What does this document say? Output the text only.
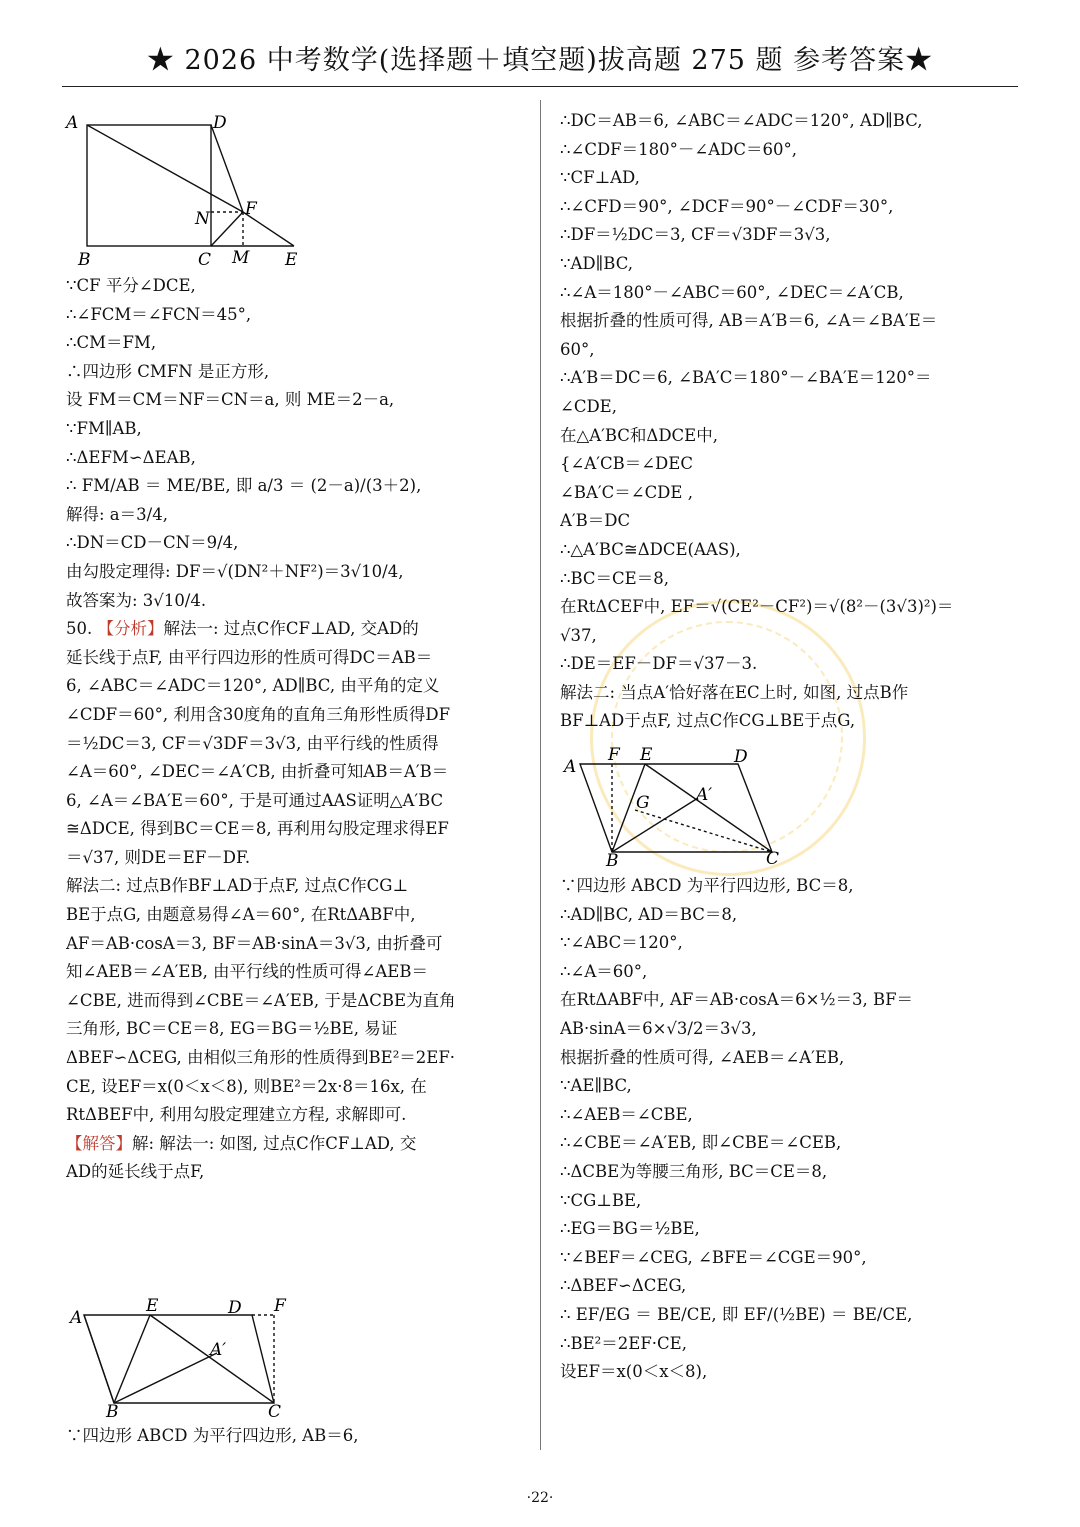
★ 2026 中考数学(选择题＋填空题)拔高题 275 题 参考答案★
A	D
F
N
B	C M E
∵CF 平分∠DCE,
∴∠FCM＝∠FCN＝45°,
∴CM＝FM,
∴四边形 CMFN 是正方形,
设 FM＝CM＝NF＝CN＝a, 则 ME＝2－a,
∵FM∥AB,
∴ΔEFM∽ΔEAB,
∴ FM/AB ＝ ME/BE, 即 a/3 ＝ (2－a)/(3＋2),
解得: a＝3/4,
∴DN＝CD－CN＝9/4,
由勾股定理得: DF＝√(DN²＋NF²)＝3√10/4,
故答案为: 3√10/4.
50. 【分析】解法一: 过点C作CF⊥AD, 交AD的
延长线于点F, 由平行四边形的性质可得DC＝AB＝
6, ∠ABC＝∠ADC＝120°, AD∥BC, 由平角的定义
∠CDF＝60°, 利用含30度角的直角三角形性质得DF
＝½DC＝3, CF＝√3DF＝3√3, 由平行线的性质得
∠A＝60°, ∠DEC＝∠A′CB, 由折叠可知AB＝A′B＝
6, ∠A＝∠BA′E＝60°, 于是可通过AAS证明△A′BC
≅ΔDCE, 得到BC＝CE＝8, 再利用勾股定理求得EF
＝√37, 则DE＝EF－DF.
解法二: 过点B作BF⊥AD于点F, 过点C作CG⊥
BE于点G, 由题意易得∠A＝60°, 在RtΔABF中,
AF＝AB·cosA＝3, BF＝AB·sinA＝3√3, 由折叠可
知∠AEB＝∠A′EB, 由平行线的性质可得∠AEB＝
∠CBE, 进而得到∠CBE＝∠A′EB, 于是ΔCBE为直角
三角形, BC＝CE＝8, EG＝BG＝½BE, 易证
ΔBEF∽ΔCEG, 由相似三角形的性质得到BE²＝2EF·
CE, 设EF＝x(0＜x＜8), 则BE²＝2x·8＝16x, 在
RtΔBEF中, 利用勾股定理建立方程, 求解即可.
【解答】解: 解法一: 如图, 过点C作CF⊥AD, 交
AD的延长线于点F,
A
E	D F
A′
B	C
∵四边形 ABCD 为平行四边形, AB＝6,
∴DC＝AB＝6, ∠ABC＝∠ADC＝120°, AD∥BC,
∴∠CDF＝180°－∠ADC＝60°,
∵CF⊥AD,
∴∠CFD＝90°, ∠DCF＝90°－∠CDF＝30°,
∴DF＝½DC＝3, CF＝√3DF＝3√3,
∵AD∥BC,
∴∠A＝180°－∠ABC＝60°, ∠DEC＝∠A′CB,
根据折叠的性质可得, AB＝A′B＝6, ∠A＝∠BA′E＝
60°,
∴A′B＝DC＝6, ∠BA′C＝180°－∠BA′E＝120°＝
∠CDE,
在△A′BC和ΔDCE中,
{∠A′CB＝∠DEC
∠BA′C＝∠CDE ,
A′B＝DC
∴△A′BC≅ΔDCE(AAS),
∴BC＝CE＝8,
在RtΔCEF中, EF＝√(CE²－CF²)＝√(8²－(3√3)²)＝
√37,
∴DE＝EF－DF＝√37－3.
解法二: 当点A′恰好落在EC上时, 如图, 过点B作
BF⊥AD于点F, 过点C作CG⊥BE于点G,
A
F E	D
G	A′
B	C
∵四边形 ABCD 为平行四边形, BC＝8,
∴AD∥BC, AD＝BC＝8,
∵∠ABC＝120°,
∴∠A＝60°,
在RtΔABF中, AF＝AB·cosA＝6×½＝3, BF＝
AB·sinA＝6×√3/2＝3√3,
根据折叠的性质可得, ∠AEB＝∠A′EB,
∵AE∥BC,
∴∠AEB＝∠CBE,
∴∠CBE＝∠A′EB, 即∠CBE＝∠CEB,
∴ΔCBE为等腰三角形, BC＝CE＝8,
∵CG⊥BE,
∴EG＝BG＝½BE,
∵∠BEF＝∠CEG, ∠BFE＝∠CGE＝90°,
∴ΔBEF∽ΔCEG,
∴ EF/EG ＝ BE/CE, 即 EF/(½BE) ＝ BE/CE,
∴BE²＝2EF·CE,
设EF＝x(0＜x＜8),
·22·
